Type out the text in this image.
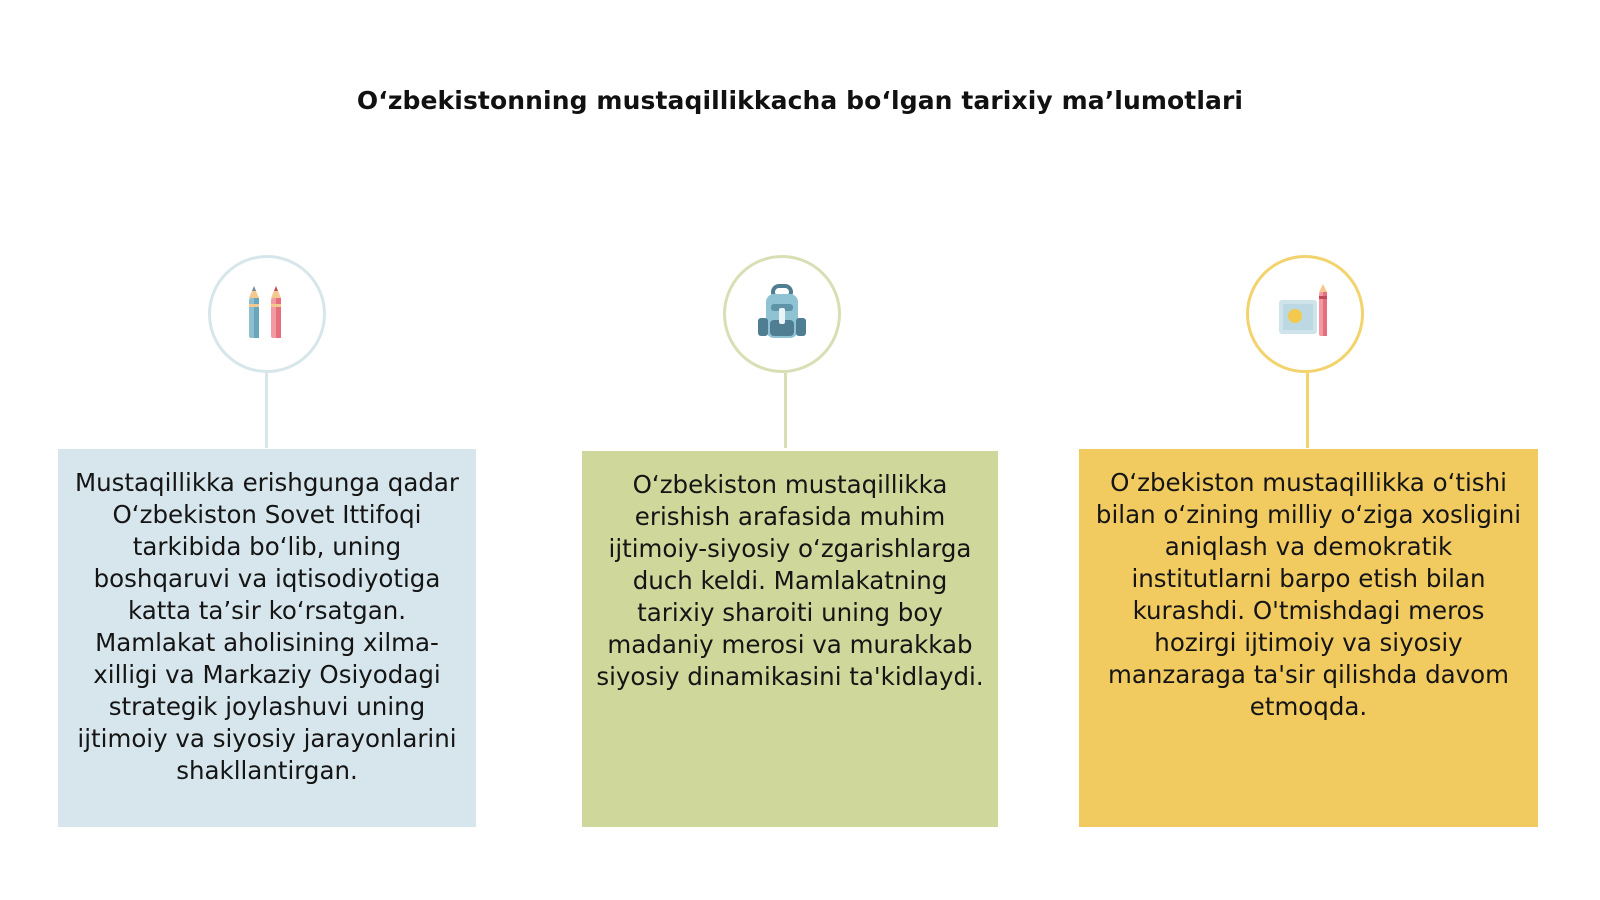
O‘zbekistonning mustaqillikkacha bo‘lgan tarixiy ma’lumotlari
Mustaqillikka erishgunga qadar O‘zbekiston Sovet Ittifoqi tarkibida bo‘lib, uning boshqaruvi va iqtisodiyotiga katta ta’sir ko‘rsatgan. Mamlakat aholisining xilma-xilligi va Markaziy Osiyodagi strategik joylashuvi uning ijtimoiy va siyosiy jarayonlarini shakllantirgan.
O‘zbekiston mustaqillikka erishish arafasida muhim ijtimoiy-siyosiy o‘zgarishlarga duch keldi. Mamlakatning tarixiy sharoiti uning boy madaniy merosi va murakkab siyosiy dinamikasini ta'kidlaydi.
O‘zbekiston mustaqillikka o‘tishi bilan o‘zining milliy o‘ziga xosligini aniqlash va demokratik institutlarni barpo etish bilan kurashdi. O'tmishdagi meros hozirgi ijtimoiy va siyosiy manzaraga ta'sir qilishda davom etmoqda.
